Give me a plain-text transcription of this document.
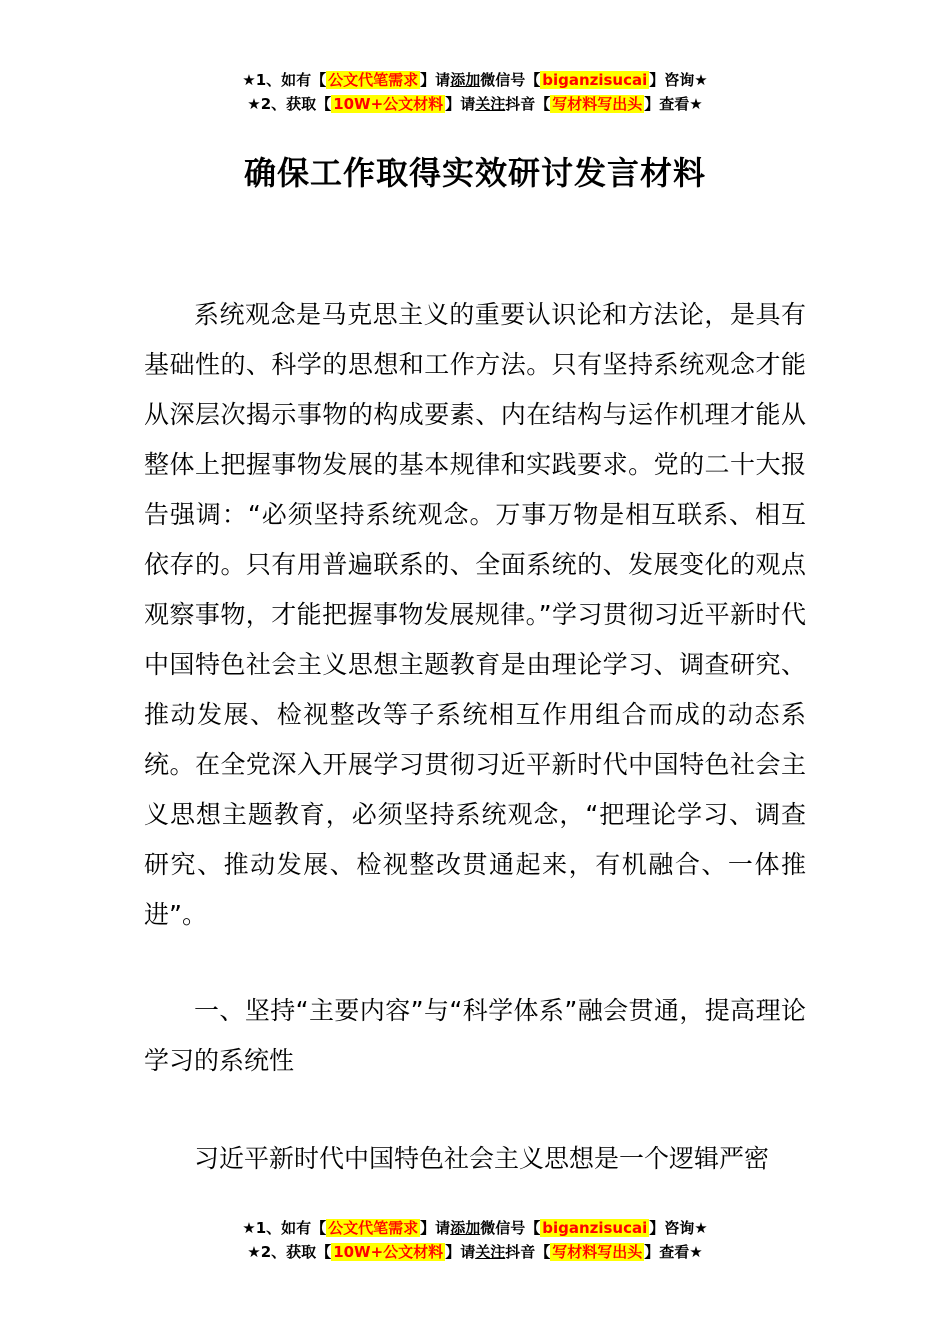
★1、如有【 公文代笔需求 】请添加微信号【 biganzisucai 】咨询★
★2、获取【 10W+公文材料 】请关注抖音【 写材料写出头 】查看★
确保工作取得实效研讨发言材料

系统观念是马克思主义的重要认识论和方法论，是具有基础性的、科学的思想和工作方法。只有坚持系统观念才能从深层次揭示事物的构成要素、内在结构与运作机理才能从整体上把握事物发展的基本规律和实践要求。党的二十大报告强调：“必须坚持系统观念。万事万物是相互联系、相互依存的。只有用普遍联系的、全面系统的、发展变化的观点观察事物，才能把握事物发展规律。”学习贯彻习近平新时代中国特色社会主义思想主题教育是由理论学习、调查研究、推动发展、检视整改等子系统相互作用组合而成的动态系统。在全党深入开展学习贯彻习近平新时代中国特色社会主义思想主题教育，必须坚持系统观念，“把理论学习、调查研究、推动发展、检视整改贯通起来，有机融合、一体推进”。

一、坚持“主要内容”与“科学体系”融会贯通，提高理论学习的系统性

习近平新时代中国特色社会主义思想是一个逻辑严密

★1、如有【 公文代笔需求 】请添加微信号【 biganzisucai 】咨询★
★2、获取【 10W+公文材料 】请关注抖音【 写材料写出头 】查看★
